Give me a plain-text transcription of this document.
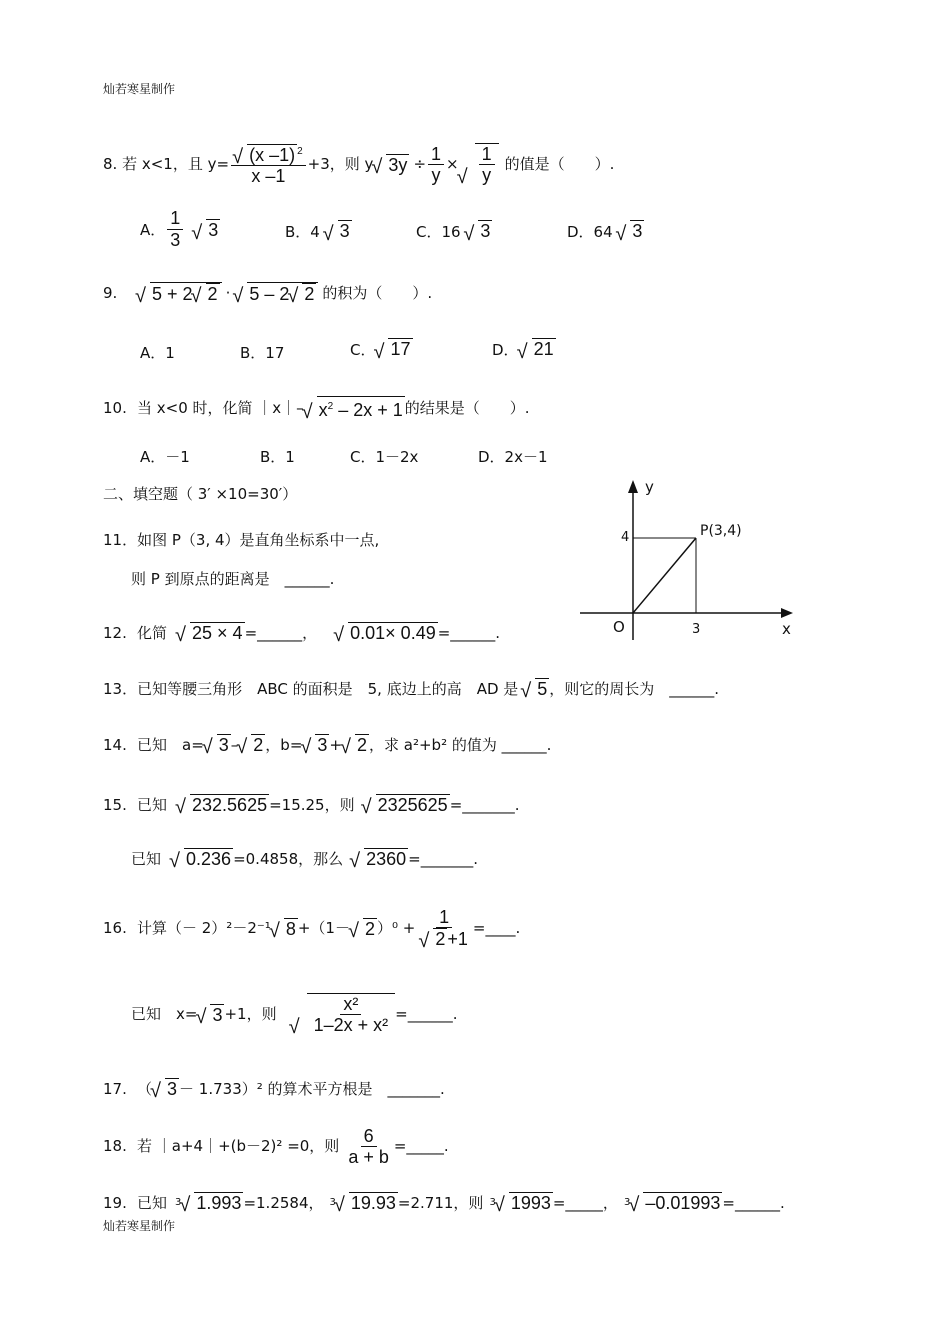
灿若寒星制作
8.
若 x<1，且 y= √ $\frac{(x -1) ^2}{x -1} +3$，则 y √ $3y \div \frac{1}{y}$ × √ $\frac{1}{y}$ 的值是（　　）.
A． $\frac{1}{3}$	√ 3	B．4 √ 3	C．16 √ 3	D．64 √ 3
9.	√ 5 + 2 √ 2 ·	√ 5 – 2 √ 2 的积为（　　）.
A．1	B．17	C． √ 17	D． √ 21
10. 当 x<0 时，化简 ｜x｜– √ $x^2 - 2x + 1$ 的结果是（　　）.
A．－1	B．1	C．1－2x	D．2x－1
二、填空题（ 3′ ×10=30′）	y
x
O
P(3,4)
4
3
11．如图 P（3, 4）是直角坐标系中一点,
则 P 到原点的距离是　______.
12. 化简	√ 25 × 4 =______，	√ 0.01× 0.49 =______.
13．已知等腰三角形　ABC 的面积是　5, 底边上的高　AD 是	√ 5 ，则它的周长为　______.
14. 已知　a= √ 3 – √ 2 ，b= √ 3 + √ 2 ，求 a²+b² 的值为 ______.
15. 已知	√ 232.5625 =15.25，则	√ 2325625 =_______.
已知	√ 0.236 =0.4858，那么	√ 2360 =_______.
16. 计算（－ 2）²－2⁻¹ √ 8 +（1－ √ 2 ）⁰ + 1
√ 2 +1 =____.
已知　x= √ 3 +1，则 √ $\frac{\text{x²}}{\text{1–2x + x²}}$ =______.
17. （ √ 3 － 1.733）² 的算术平方根是　_______.
18. 若 ｜a+4｜+(b－2)² =0，则 $\frac{6}{a + b}$ =_____.
19. 已知 3 √ 1.993 =1.2584， 3 √ 19.93 =2.711，则 3 √ 1993 =_____， 3 √ –0.01993 =______.
灿若寒星制作
